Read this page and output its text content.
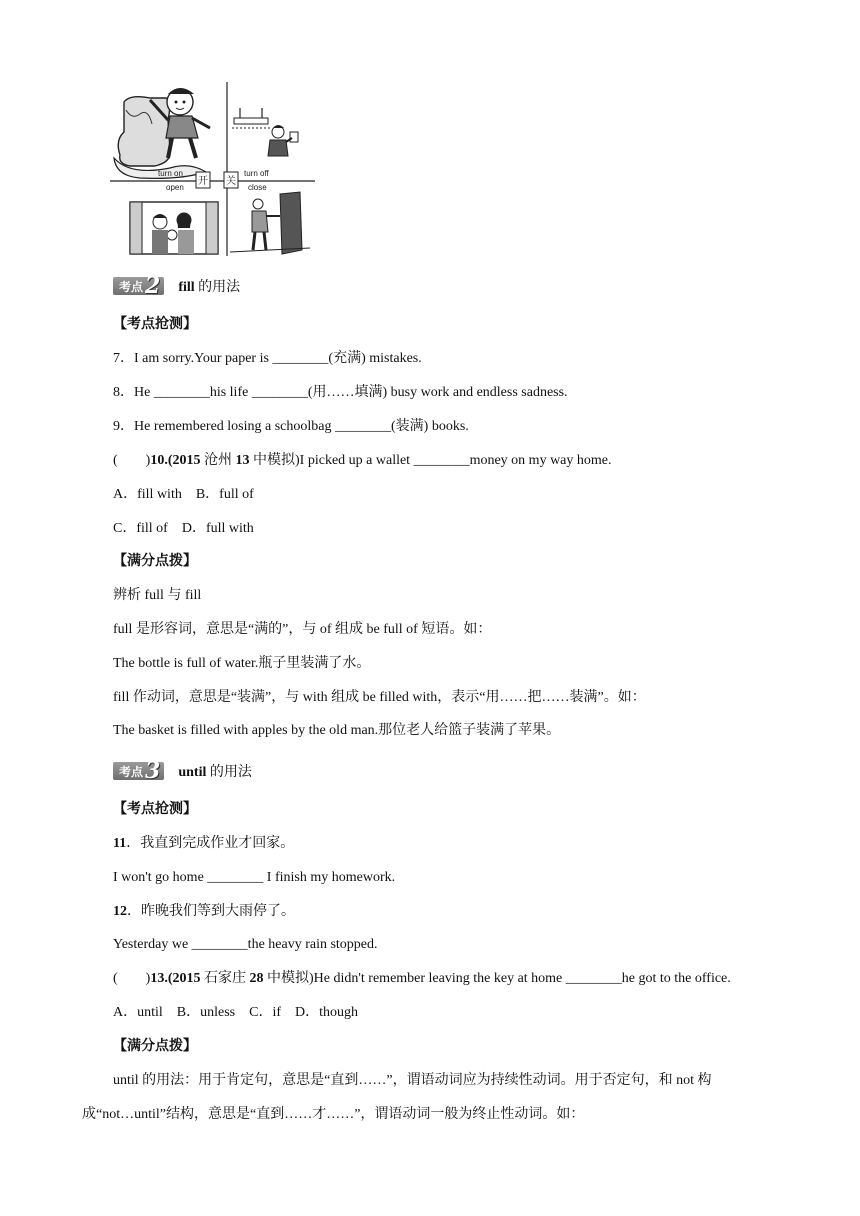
turn on
open
开 关
turn off
close
考点 2 fill 的用法
【考点抢测】
7．I am sorry.Your paper is ________(充满) mistakes.
8．He ________his life ________(用……填满) busy work and endless sadness.
9．He remembered losing a schoolbag ________(装满) books.
(　　)10.(2015 沧州 13 中模拟)I picked up a wallet ________money on my way home.
A．fill with　B．full of
C．fill of　D．full with
【满分点拨】
辨析 full 与 fill
full 是形容词，意思是“满的”，与 of 组成 be full of 短语。如：
The bottle is full of water.瓶子里装满了水。
fill 作动词，意思是“装满”，与 with 组成 be filled with，表示“用……把……装满”。如：
The basket is filled with apples by the old man.那位老人给篮子装满了苹果。
考点 3 until 的用法
【考点抢测】
11．我直到完成作业才回家。
I won't go home ________ I finish my homework.
12．昨晚我们等到大雨停了。
Yesterday we ________the heavy rain stopped.
(　　)13.(2015 石家庄 28 中模拟)He didn't remember leaving the key at home ________he got to the office.
A．until　B．unless　C．if　D．though
【满分点拨】
until 的用法：用于肯定句，意思是“直到……”，谓语动词应为持续性动词。用于否定句，和 not 构
成“not…until”结构，意思是“直到……才……”，谓语动词一般为终止性动词。如：
